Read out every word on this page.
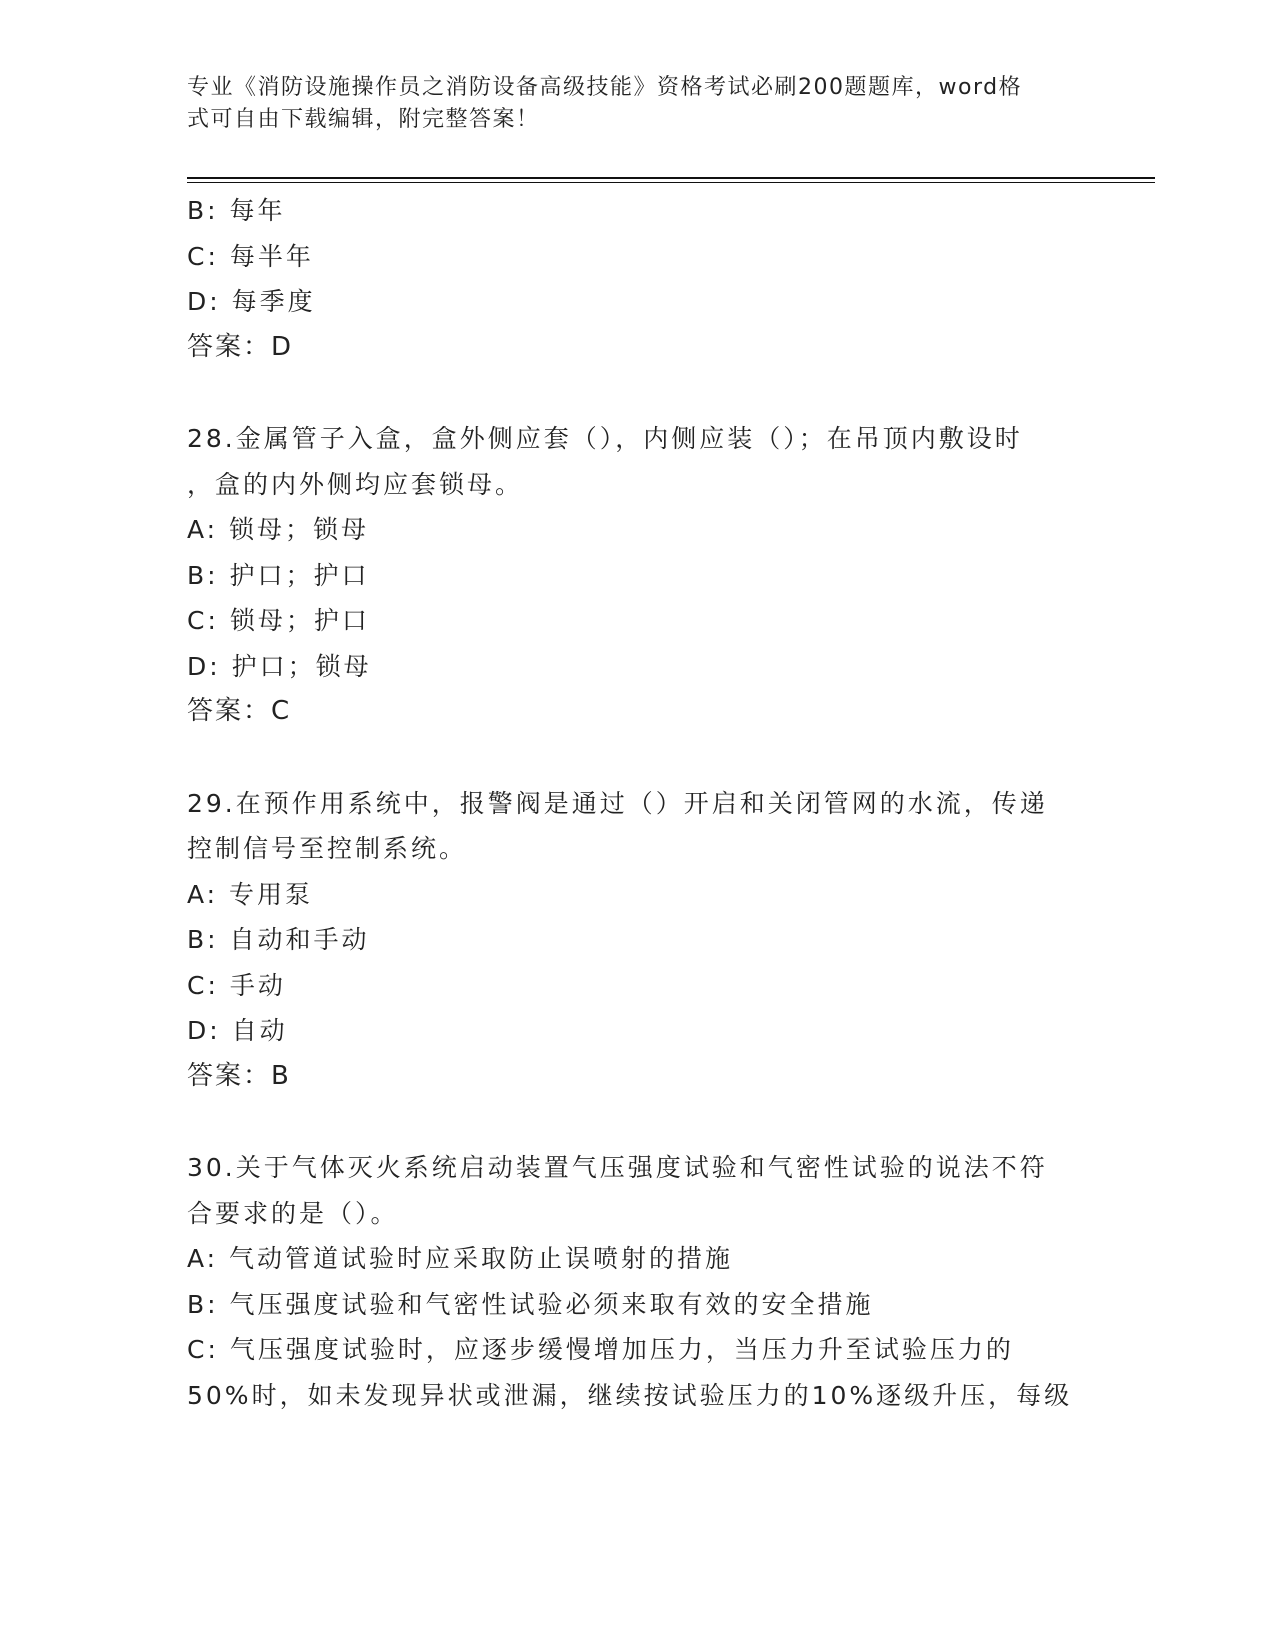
专业《消防设施操作员之消防设备高级技能》资格考试必刷200题题库，word格
式可自由下载编辑，附完整答案！
B: 每年
C: 每半年
D: 每季度
答案：D
28.金属管子入盒，盒外侧应套（），内侧应装（）；在吊顶内敷设时
，盒的内外侧均应套锁母。
A: 锁母；锁母
B: 护口；护口
C: 锁母；护口
D: 护口；锁母
答案：C
29.在预作用系统中，报警阀是通过（）开启和关闭管网的水流，传递
控制信号至控制系统。
A: 专用泵
B: 自动和手动
C: 手动
D: 自动
答案：B
30.关于气体灭火系统启动装置气压强度试验和气密性试验的说法不符
合要求的是（）。
A: 气动管道试验时应采取防止误喷射的措施
B: 气压强度试验和气密性试验必须来取有效的安全措施
C: 气压强度试验时，应逐步缓慢增加压力，当压力升至试验压力的
50%时，如未发现异状或泄漏，继续按试验压力的10%逐级升压，每级
